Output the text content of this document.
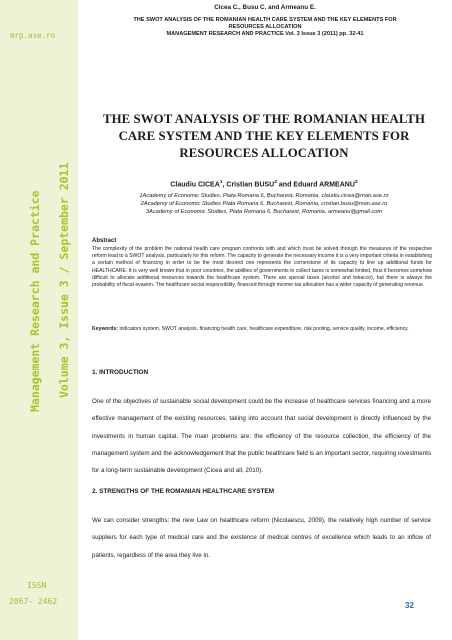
mrp.ase.ro
Management Research and Practice Volume 3, Issue 3 / September 2011
ISSN
2067- 2462
Cicea C., Busu C. and Armeanu E.
THE SWOT ANALYSIS OF THE ROMANIAN HEALTH CARE SYSTEM AND THE KEY ELEMENTS FOR
RESOURCES ALLOCATION
MANAGEMENT RESEARCH AND PRACTICE Vol. 3 Issue 3 (2011) pp. 32-41
THE SWOT ANALYSIS OF THE ROMANIAN HEALTH CARE SYSTEM AND THE KEY ELEMENTS FOR RESOURCES ALLOCATION
Claudiu CICEA$^1$, Cristian BUSU$^2$ and Eduard ARMEANU$^3$
1Academy of Economic Studies, Piata Romana 6, Bucharest, Romania, claudiu.cicea@man.ase.ro
2Academy of Economic Studies Piata Romana 6, Bucharest, Romania, cristian.busu@man.ase.ro
3Academy of Economic Studies, Piata Romana 6, Bucharest, Romania, armeanu@gmail.com
Abstract
The complexity of the problem the national health care program confronts with and which must be solved through the measures of the respective reform lead to a SWOT analysis, particularly for this reform. The capacity to generate the necessary income it is a very important criteria in establishing a certain method of financing in order to be the most desired one represents the cornerstone of its capacity to line up additional funds for HEALTHCARE. It is very well known that in poor countries, the abilities of governments to collect taxes is somewhat limited, thus it becomes somehow difficult to allocate additional resources towards the healthcare system. There are special taxes (alcohol and tobacco), but there is always the probability of fiscal evasion. The healthcare social responsibility, financed through income tax allocation has a wider capacity of generating revenue.
Keywords: indicators system, SWOT analysis, financing health care, healthcare expenditure, risk pooling, service quality, income, efficiency.
1. INTRODUCTION
One of the objectives of sustainable social development could be the increase of healthcare services financing and a more effective management of the existing resources, taking into account that social development is directly influenced by the investments in human capital. The main problems are: the efficiency of the resource collection, the efficiency of the management system and the acknowledgement that the public healthcare field is an important sector, requiring investments for a long-term sustainable development (Cicea and all, 2010).
2. STRENGTHS OF THE ROMANIAN HEALTHCARE SYSTEM
We can consider strengths: the new Law on healthcare reform (Nicolaescu, 2009), the relatively high number of service suppliers for each type of medical care and the existence of medical centres of excellence which leads to an inflow of patients, regardless of the area they live in.
32
